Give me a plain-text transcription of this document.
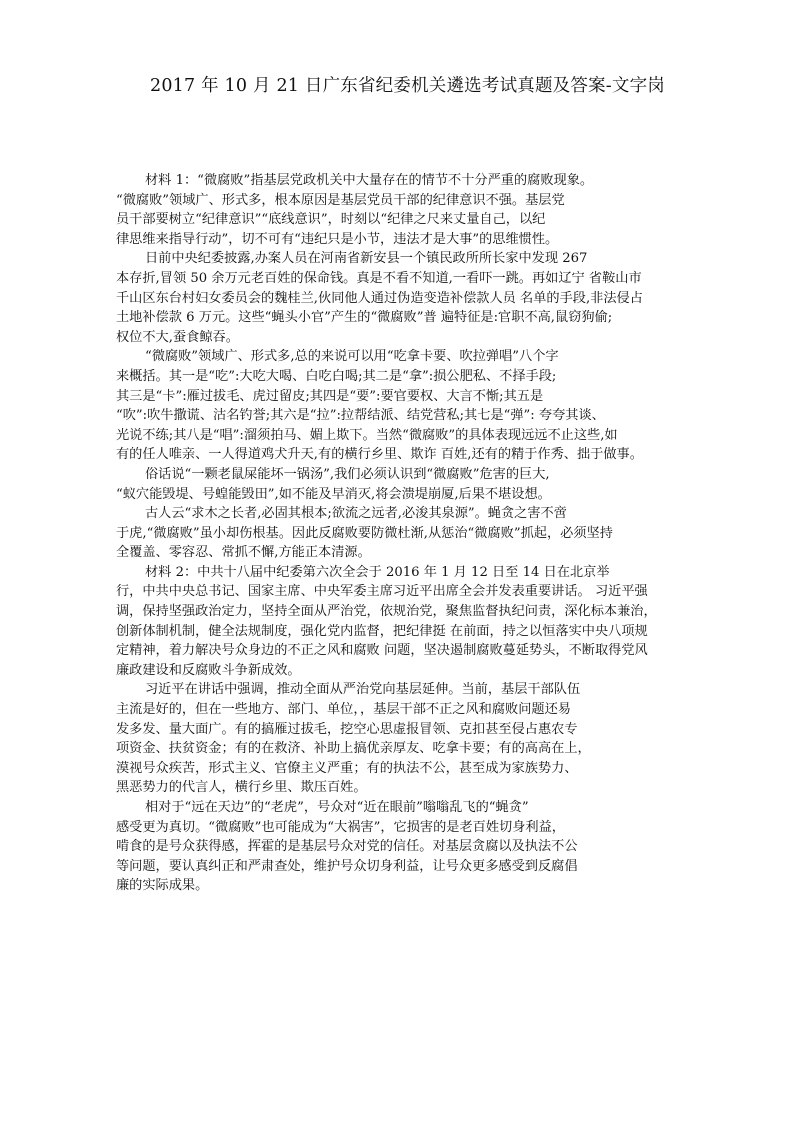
2017 年 10 月 21 日广东省纪委机关遴选考试真题及答案-文字岗
材料 1：“微腐败”指基层党政机关中大量存在的情节不十分严重的腐败现象。
“微腐败”领域广、形式多，根本原因是基层党员干部的纪律意识不强。基层党
员干部要树立“纪律意识”“底线意识”，时刻以“纪律之尺来丈量自己，以纪
律思维来指导行动”，切不可有“违纪只是小节，违法才是大事”的思维惯性。
日前中央纪委披露,办案人员在河南省新安县一个镇民政所所长家中发现 267
本存折,冒领 50 余万元老百姓的保命钱。真是不看不知道,一看吓一跳。再如辽宁 省鞍山市
千山区东台村妇女委员会的魏桂兰,伙同他人通过伪造变造补偿款人员 名单的手段,非法侵占
土地补偿款 6 万元。这些“蝇头小官”产生的“微腐败”普 遍特征是:官职不高,鼠窃狗偷;
权位不大,蚕食鲸吞。
“微腐败”领域广、形式多,总的来说可以用“吃拿卡要、吹拉弹唱”八个字
来概括。其一是“吃”:大吃大喝、白吃白喝;其二是“拿”:损公肥私、不择手段;
其三是“卡”:雁过拔毛、虎过留皮;其四是“要”:要官要权、大言不惭;其五是
“吹”:吹牛撒谎、沽名钓誉;其六是“拉”:拉帮结派、结党营私;其七是“弹”: 夸夸其谈、
光说不练;其八是“唱”:溜须拍马、媚上欺下。当然“微腐败”的具体表现远远不止这些,如
有的任人唯亲、一人得道鸡犬升天,有的横行乡里、欺诈 百姓,还有的精于作秀、拙于做事。
俗话说“一颗老鼠屎能坏一锅汤”,我们必须认识到“微腐败”危害的巨大,
“蚁穴能毁堤、号蝗能毁田”,如不能及早消灭,将会溃堤崩厦,后果不堪设想。
古人云“求木之长者,必固其根本;欲流之远者,必浚其泉源”。蝇贪之害不啻
于虎,“微腐败”虽小却伤根基。因此反腐败要防微杜渐,从惩治“微腐败”抓起，必须坚持
全覆盖、零容忍、常抓不懈,方能正本清源。
材料 2：中共十八届中纪委第六次全会于 2016 年 1 月 12 日至 14 日在北京举
行，中共中央总书记、国家主席、中央军委主席习近平出席全会并发表重要讲话。 习近平强
调，保持坚强政治定力，坚持全面从严治党，依规治党，聚焦监督执纪问责，深化标本兼治，
创新体制机制，健全法规制度，强化党内监督，把纪律挺 在前面，持之以恒落实中央八项规
定精神，着力解决号众身边的不正之风和腐败 问题，坚决遏制腐败蔓延势头，不断取得党风
廉政建设和反腐败斗争新成效。
习近平在讲话中强调，推动全面从严治党向基层延伸。当前，基层干部队伍
主流是好的，但在一些地方、部门、单位，，基层干部不正之风和腐败问题还易
发多发、量大面广。有的搞雁过拔毛，挖空心思虚报冒领、克扣甚至侵占惠农专
项资金、扶贫资金；有的在救济、补助上搞优亲厚友、吃拿卡要；有的高高在上，
漠视号众疾苦，形式主义、官僚主义严重；有的执法不公，甚至成为家族势力、
黑恶势力的代言人，横行乡里、欺压百姓。
相对于“远在天边”的“老虎”，号众对“近在眼前”嗡嗡乱飞的“蝇贪”
感受更为真切。“微腐败”也可能成为“大祸害”，它损害的是老百姓切身利益，
啃食的是号众获得感，挥霍的是基层号众对党的信任。对基层贪腐以及执法不公
等问题，要认真纠正和严肃查处，维护号众切身利益，让号众更多感受到反腐倡
廉的实际成果。
